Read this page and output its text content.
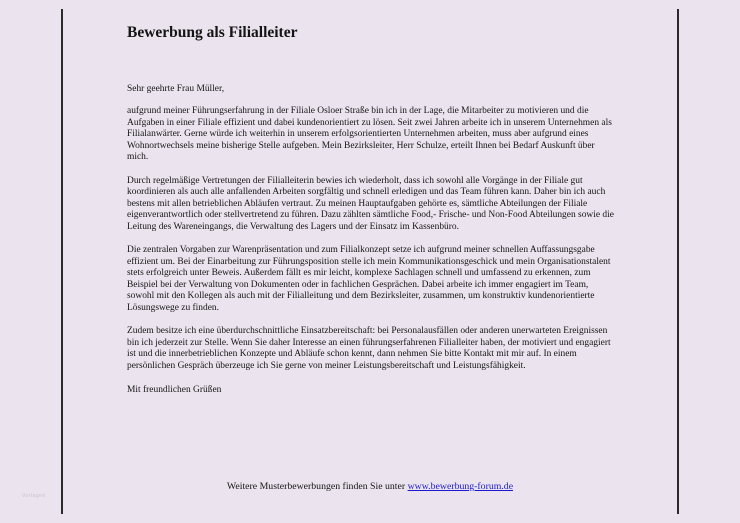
Bewerbung als Filialleiter

Sehr geehrte Frau Müller,

aufgrund meiner Führungserfahrung in der Filiale Osloer Straße bin ich in der Lage, die Mitarbeiter zu motivieren und die Aufgaben in einer Filiale effizient und dabei kundenorientiert zu lösen. Seit zwei Jahren arbeite ich in unserem Unternehmen als Filialanwärter. Gerne würde ich weiterhin in unserem erfolgsorientierten Unternehmen arbeiten, muss aber aufgrund eines Wohnortwechsels meine bisherige Stelle aufgeben. Mein Bezirksleiter, Herr Schulze, erteilt Ihnen bei Bedarf Auskunft über mich.

Durch regelmäßige Vertretungen der Filialleiterin bewies ich wiederholt, dass ich sowohl alle Vorgänge in der Filiale gut koordinieren als auch alle anfallenden Arbeiten sorgfältig und schnell erledigen und das Team führen kann. Daher bin ich auch bestens mit allen betrieblichen Abläufen vertraut. Zu meinen Hauptaufgaben gehörte es, sämtliche Abteilungen der Filiale eigenverantwortlich oder stellvertretend zu führen. Dazu zählten sämtliche Food,- Frische- und Non-Food Abteilungen sowie die Leitung des Wareneingangs, die Verwaltung des Lagers und der Einsatz im Kassenbüro.

Die zentralen Vorgaben zur Warenpräsentation und zum Filialkonzept setze ich aufgrund meiner schnellen Auffassungsgabe effizient um. Bei der Einarbeitung zur Führungsposition stelle ich mein Kommunikationsgeschick und mein Organisationstalent stets erfolgreich unter Beweis. Außerdem fällt es mir leicht, komplexe Sachlagen schnell und umfassend zu erkennen, zum Beispiel bei der Verwaltung von Dokumenten oder in fachlichen Gesprächen. Dabei arbeite ich immer engagiert im Team, sowohl mit den Kollegen als auch mit der Filialleitung und dem Bezirksleiter, zusammen, um konstruktiv kundenorientierte Lösungswege zu finden.

Zudem besitze ich eine überdurchschnittliche Einsatzbereitschaft: bei Personalausfällen oder anderen unerwarteten Ereignissen bin ich jederzeit zur Stelle. Wenn Sie daher Interesse an einen führungserfahrenen Filialleiter haben, der motiviert und engagiert ist und die innerbetrieblichen Konzepte und Abläufe schon kennt, dann nehmen Sie bitte Kontakt mit mir auf. In einem persönlichen Gespräch überzeuge ich Sie gerne von meiner Leistungsbereitschaft und Leistungsfähigkeit.

Mit freundlichen Grüßen

Weitere Musterbewerbungen finden Sie unter www.bewerbung-forum.de
Vorlagen
